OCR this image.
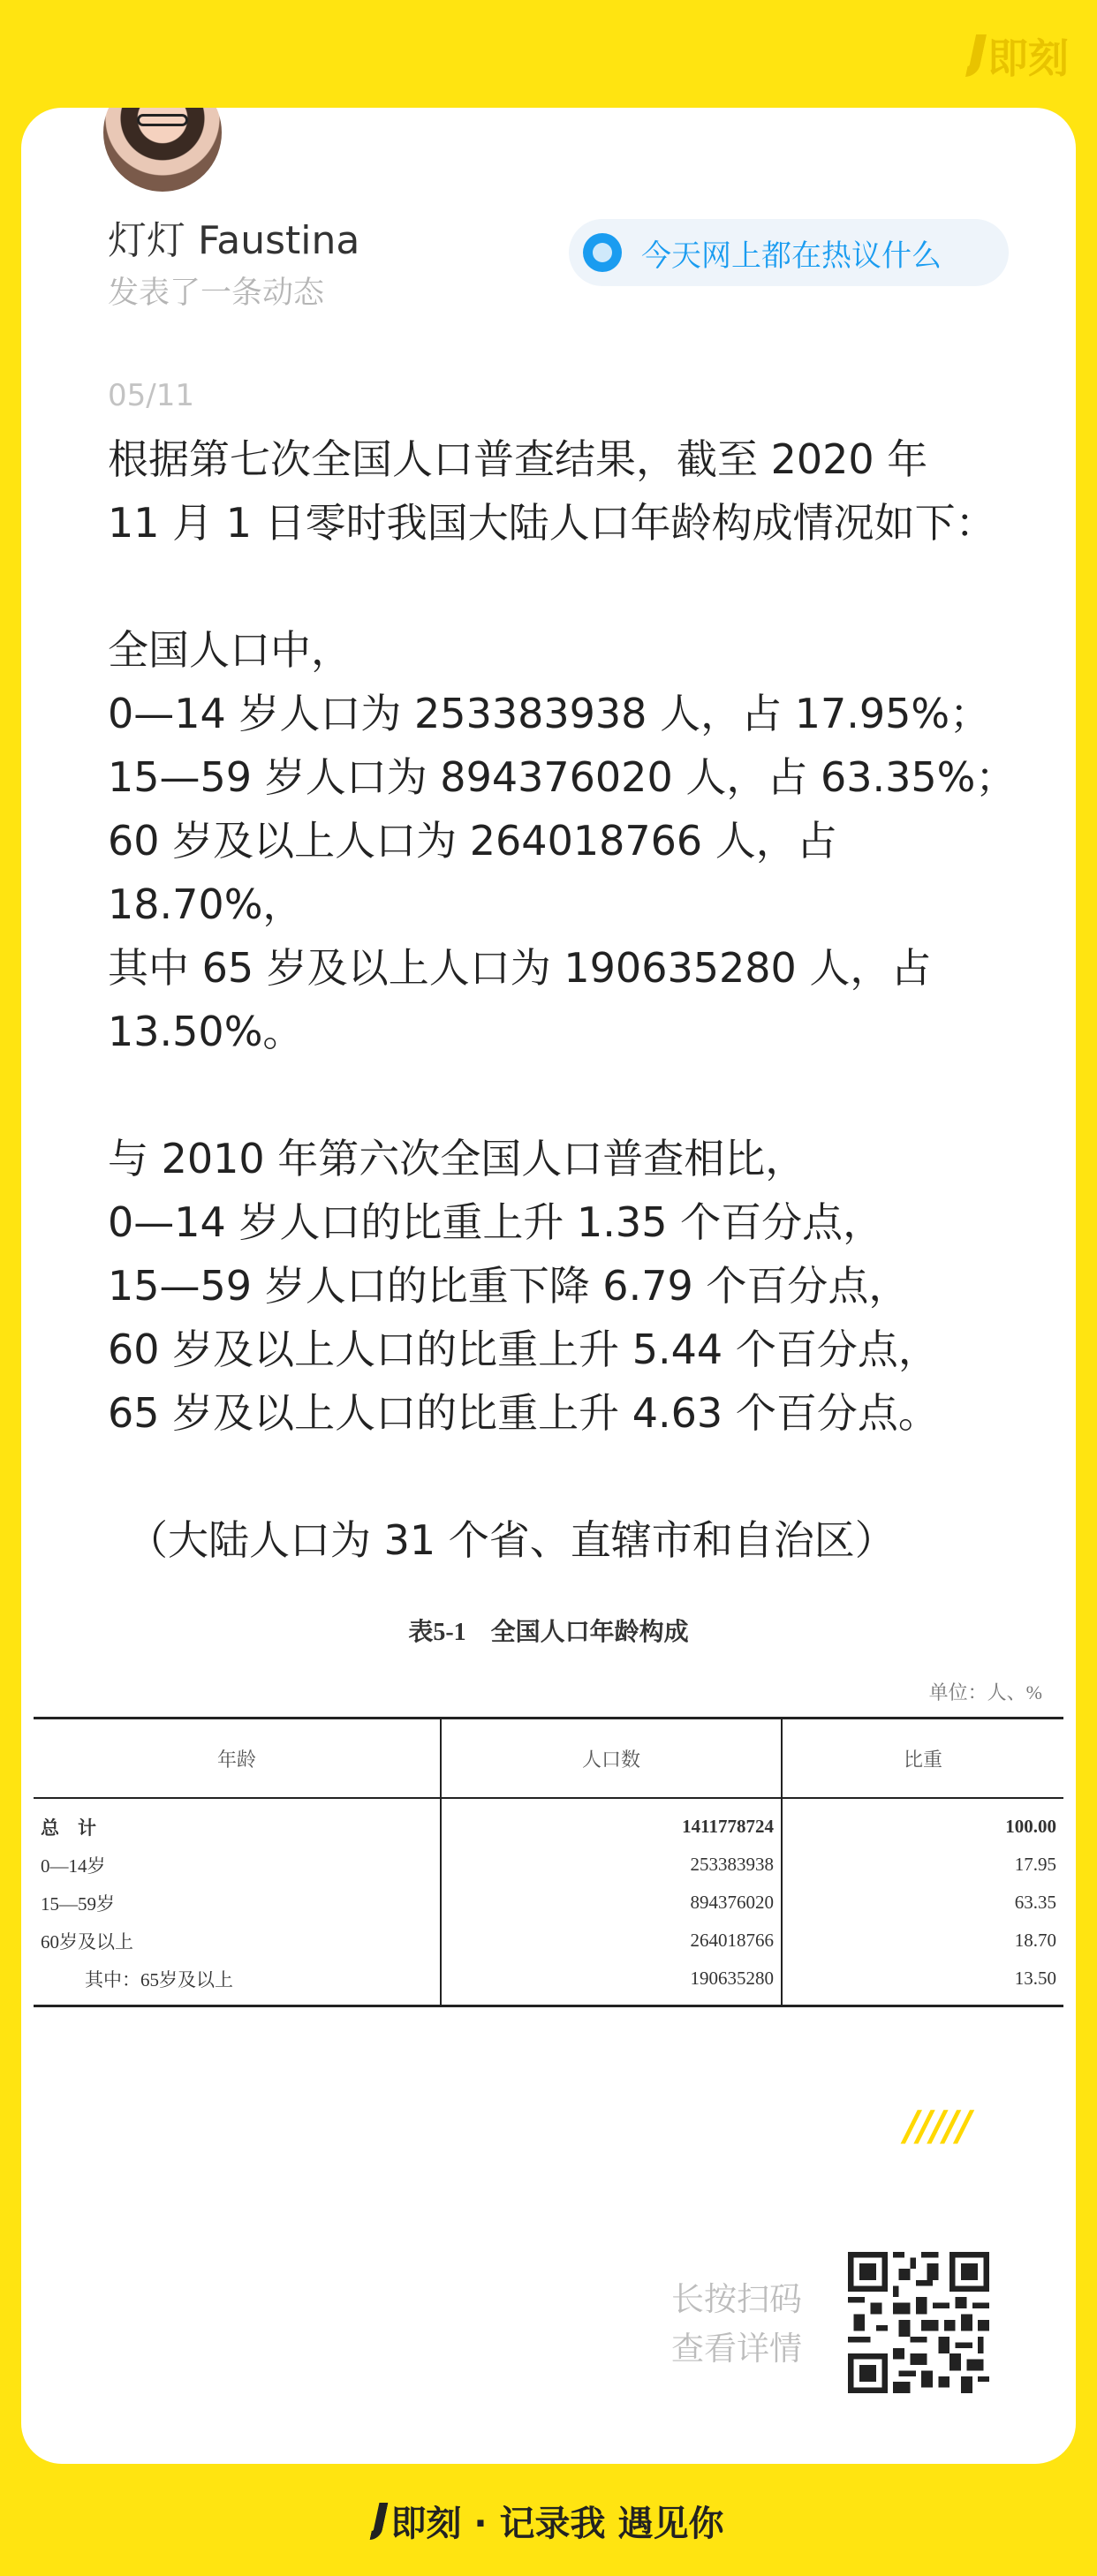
即刻
灯灯 Faustina
发表了一条动态
今天网上都在热议什么
05/11

根据第七次全国人口普查结果，截至 2020 年

11 月 1 日零时我国大陆人口年龄构成情况如下：

全国人口中，

0—14 岁人口为 253383938 人，占 17.95%；

15—59 岁人口为 894376020 人，占 63.35%；

60 岁及以上人口为 264018766 人，占

18.70%，

其中 65 岁及以上人口为 190635280 人，占

13.50%。

与 2010 年第六次全国人口普查相比，

0—14 岁人口的比重上升 1.35 个百分点，

15—59 岁人口的比重下降 6.79 个百分点，

60 岁及以上人口的比重上升 5.44 个百分点，

65 岁及以上人口的比重上升 4.63 个百分点。

（大陆人口为 31 个省、直辖市和自治区）

表5-1　全国人口年龄构成
单位：人、%
年龄	人口数	比重
总　计	1411778724	100.00
0—14岁	253383938	17.95
15—59岁	894376020	63.35
60岁及以上	264018766	18.70
其中：65岁及以上	190635280	13.50
/////
长按扫码
查看详情
即刻 · 记录我 遇见你
